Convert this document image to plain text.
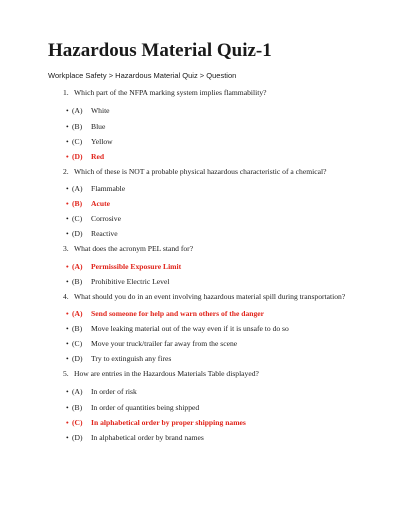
Hazardous Material Quiz-1
Workplace Safety > Hazardous Material Quiz > Question
1. Which part of the NFPA marking system implies flammability?
• (A) White
• (B) Blue
• (C) Yellow
• (D) Red
2. Which of these is NOT a probable physical hazardous characteristic of a chemical?
• (A) Flammable
• (B) Acute
• (C) Corrosive
• (D) Reactive
3. What does the acronym PEL stand for?
• (A) Permissible Exposure Limit
• (B) Prohibitive Electric Level
4. What should you do in an event involving hazardous material spill during transportation?
• (A) Send someone for help and warn others of the danger
• (B) Move leaking material out of the way even if it is unsafe to do so
• (C) Move your truck/trailer far away from the scene
• (D) Try to extinguish any fires
5. How are entries in the Hazardous Materials Table displayed?
• (A) In order of risk
• (B) In order of quantities being shipped
• (C) In alphabetical order by proper shipping names
• (D) In alphabetical order by brand names
